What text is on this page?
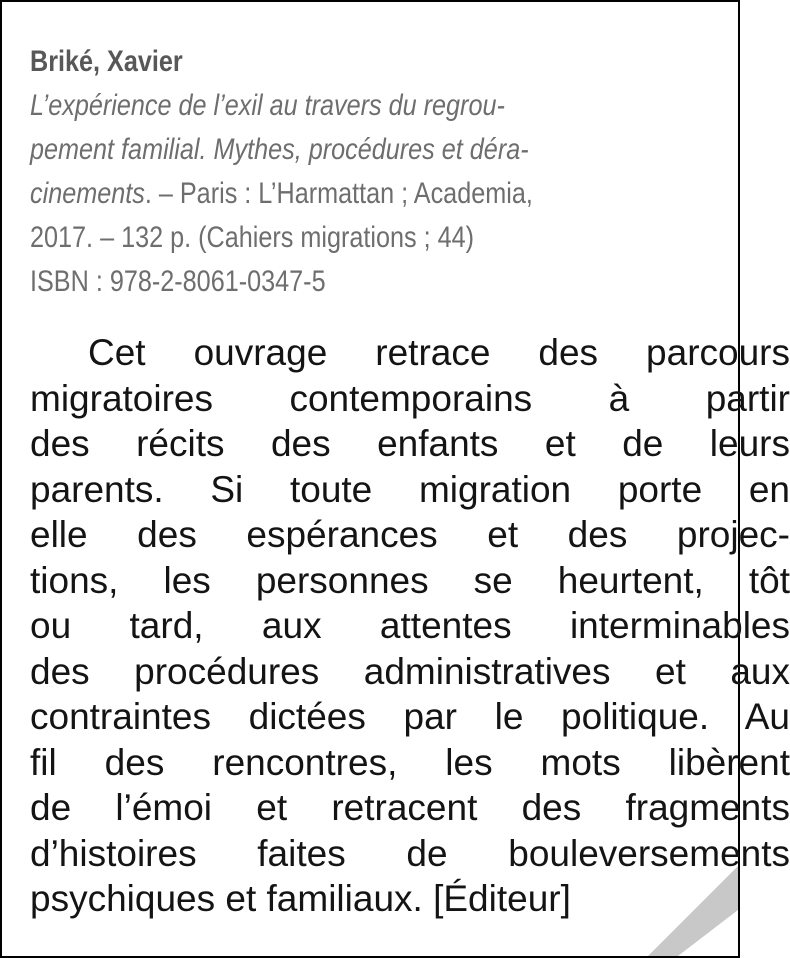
Briké, Xavier
L’expérience de l’exil au travers du regrou-
pement familial. Mythes, procédures et déra-
cinements. – Paris : L’Harmattan ; Academia,
2017. – 132 p. (Cahiers migrations ; 44)
ISBN : 978-2-8061-0347-5
Cet ouvrage retrace des parcours
migratoires contemporains à partir
des récits des enfants et de leurs
parents. Si toute migration porte en
elle des espérances et des projec-
tions, les personnes se heurtent, tôt
ou tard, aux attentes interminables
des procédures administratives et aux
contraintes dictées par le politique. Au
fil des rencontres, les mots libèrent
de l’émoi et retracent des fragments
d’histoires faites de bouleversements
psychiques et familiaux. [Éditeur]
